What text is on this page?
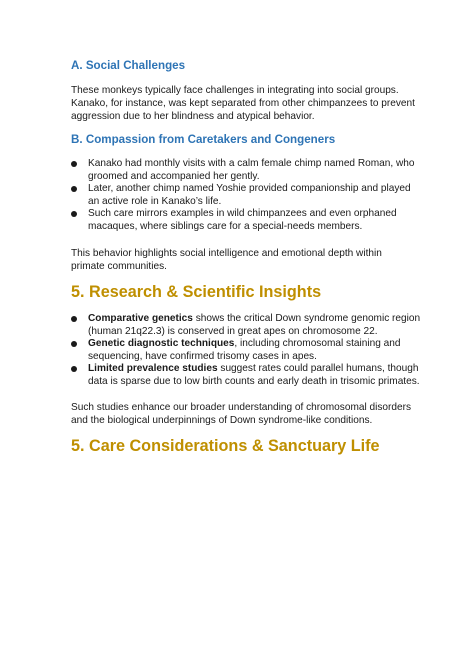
A. Social Challenges

These monkeys typically face challenges in integrating into social groups.
Kanako, for instance, was kept separated from other chimpanzees to prevent
aggression due to her blindness and atypical behavior.

B. Compassion from Caretakers and Congeners
Kanako had monthly visits with a calm female chimp named Roman, who
groomed and accompanied her gently.
Later, another chimp named Yoshie provided companionship and played
an active role in Kanako’s life.
Such care mirrors examples in wild chimpanzees and even orphaned
macaques, where siblings care for a special-needs members.

This behavior highlights social intelligence and emotional depth within
primate communities.

5. Research & Scientific Insights
Comparative genetics shows the critical Down syndrome genomic region
(human 21q22.3) is conserved in great apes on chromosome 22.
Genetic diagnostic techniques, including chromosomal staining and
sequencing, have confirmed trisomy cases in apes.
Limited prevalence studies suggest rates could parallel humans, though
data is sparse due to low birth counts and early death in trisomic primates.

Such studies enhance our broader understanding of chromosomal disorders
and the biological underpinnings of Down syndrome-like conditions.

5. Care Considerations & Sanctuary Life
